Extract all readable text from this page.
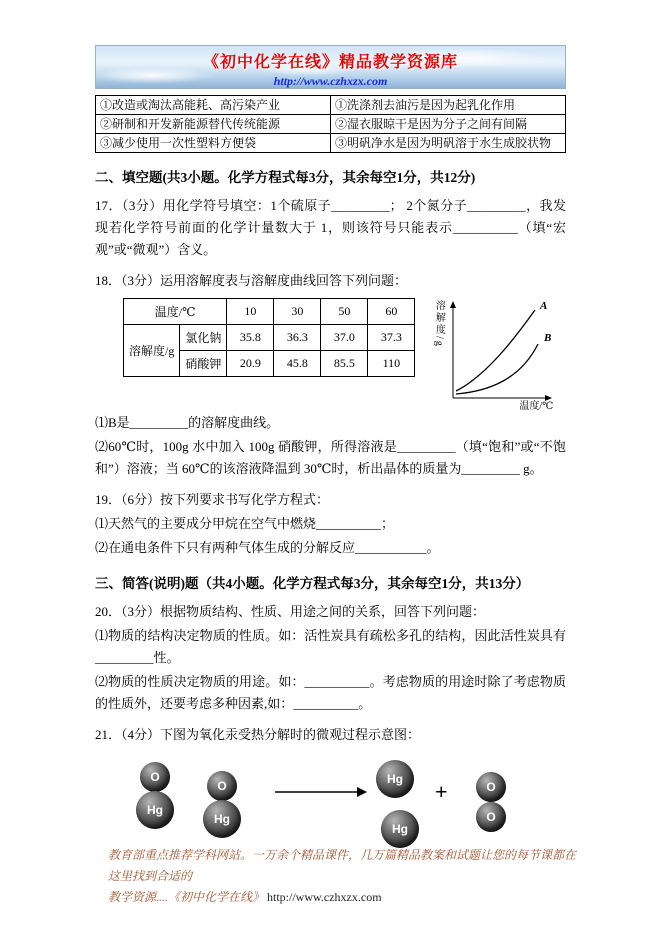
《初中化学在线》精品教学资源库
http://www.czhxzx.com
①改造或淘汰高能耗、高污染产业	①洗涤剂去油污是因为起乳化作用
②研制和开发新能源替代传统能源	②湿衣服晾干是因为分子之间有间隔
③减少使用一次性塑料方便袋	③明矾净水是因为明矾溶于水生成胶状物
二、填空题(共3小题。化学方程式每3分，其余每空1分，共12分)
17．（3分）用化学符号填空：1个硫原子_________； 2个氮分子_________，我发现若化学符号前面的化学计量数大于 1，则该符号只能表示__________（填“宏观”或“微观”）含义。
18．（3分）运用溶解度表与溶解度曲线回答下列问题：
温度/℃		10	30	50	60
溶解度/g	氯化钠	35.8	36.3	37.0	37.3
	硝酸钾	20.9	45.8	85.5	110
溶解度/g
温度/℃
A
B
⑴B是_________的溶解度曲线。
⑵60℃时，100g 水中加入 100g 硝酸钾，所得溶液是_________（填“饱和”或“不饱和”）溶液；当 60℃的该溶液降温到 30℃时，析出晶体的质量为_________ g。
19．（6分）按下列要求书写化学方程式：
⑴天然气的主要成分甲烷在空气中燃烧__________；
⑵在通电条件下只有两种气体生成的分解反应___________。
三、简答(说明)题（共4小题。化学方程式每3分，其余每空1分，共13分）
20．（3分）根据物质结构、性质、用途之间的关系，回答下列问题：
⑴物质的结构决定物质的性质。如：活性炭具有疏松多孔的结构，因此活性炭具有_________性。
⑵物质的性质决定物质的用途。如：__________。考虑物质的用途时除了考虑物质的性质外，还要考虑多种因素,如：__________。
21．（4分）下图为氧化汞受热分解时的微观过程示意图：
O
Hg
O
Hg
Hg
Hg
+	O
O
教育部重点推荐学科网站。一万余个精品课件，几万篇精品教案和试题让您的每节课都在这里找到合适的
教学资源....《初中化学在线》 http://www.czhxzx.com
